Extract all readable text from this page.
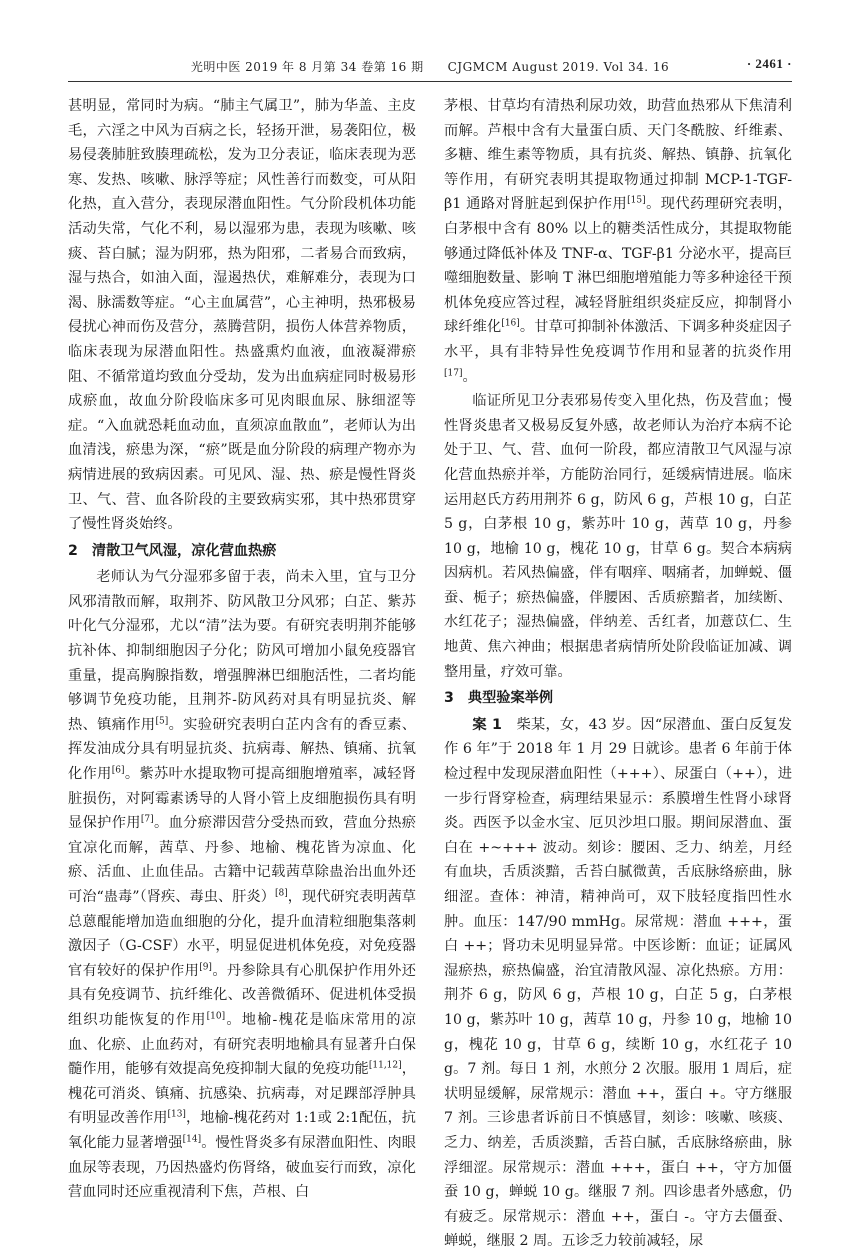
光明中医 2019 年 8 月第 34 卷第 16 期 CJGMCM August 2019. Vol 34. 16	· 2461 ·

甚明显，常同时为病。“肺主气属卫”，肺为华盖、主皮毛，六淫之中风为百病之长，轻扬开泄，易袭阳位，极易侵袭肺脏致腠理疏松，发为卫分表证，临床表现为恶寒、发热、咳嗽、脉浮等症；风性善行而数变，可从阳化热，直入营分，表现尿潜血阳性。气分阶段机体功能活动失常，气化不利，易以湿邪为患，表现为咳嗽、咳痰、苔白腻；湿为阴邪，热为阳邪，二者易合而致病，湿与热合，如油入面，湿遏热伏，难解难分，表现为口渴、脉濡数等症。“心主血属营”，心主神明，热邪极易侵扰心神而伤及营分，蒸腾营阴，损伤人体营养物质，临床表现为尿潜血阳性。热盛熏灼血液，血液凝滞瘀阻、不循常道均致血分受劫，发为出血病症同时极易形成瘀血，故血分阶段临床多可见肉眼血尿、脉细涩等症。“入血就恐耗血动血，直须凉血散血”，老师认为出血清浅，瘀患为深，“瘀”既是血分阶段的病理产物亦为病情进展的致病因素。可见风、湿、热、瘀是慢性肾炎卫、气、营、血各阶段的主要致病实邪，其中热邪贯穿了慢性肾炎始终。

2 清散卫气风湿，凉化营血热瘀

老师认为气分湿邪多留于表，尚未入里，宜与卫分风邪清散而解，取荆芥、防风散卫分风邪；白芷、紫苏叶化气分湿邪，尤以“清”法为要。有研究表明荆芥能够抗补体、抑制细胞因子分化；防风可增加小鼠免疫器官重量，提高胸腺指数，增强脾淋巴细胞活性，二者均能够调节免疫功能，且荆芥-防风药对具有明显抗炎、解热、镇痛作用[5]。实验研究表明白芷内含有的香豆素、挥发油成分具有明显抗炎、抗病毒、解热、镇痛、抗氧化作用[6]。紫苏叶水提取物可提高细胞增殖率，减轻肾脏损伤，对阿霉素诱导的人肾小管上皮细胞损伤具有明显保护作用[7]。血分瘀滞因营分受热而致，营血分热瘀宜凉化而解，茜草、丹参、地榆、槐花皆为凉血、化瘀、活血、止血佳品。古籍中记载茜草除蛊治出血外还可治“蛊毒”（肾疾、毒虫、肝炎）[8]，现代研究表明茜草总蒽醌能增加造血细胞的分化，提升血清粒细胞集落刺激因子（G-CSF）水平，明显促进机体免疫，对免疫器官有较好的保护作用[9]。丹参除具有心肌保护作用外还具有免疫调节、抗纤维化、改善微循环、促进机体受损组织功能恢复的作用[10]。地榆-槐花是临床常用的凉血、化瘀、止血药对，有研究表明地榆具有显著升白保髓作用，能够有效提高免疫抑制大鼠的免疫功能[11,12]，槐花可消炎、镇痛、抗感染、抗病毒，对足踝部浮肿具有明显改善作用[13]，地榆-槐花药对 1:1或 2:1配伍，抗氧化能力显著增强[14]。慢性肾炎多有尿潜血阳性、肉眼血尿等表现，乃因热盛灼伤肾络，破血妄行而致，凉化营血同时还应重视清利下焦，芦根、白

茅根、甘草均有清热利尿功效，助营血热邪从下焦清利而解。芦根中含有大量蛋白质、天门冬酰胺、纤维素、多糖、维生素等物质，具有抗炎、解热、镇静、抗氧化等作用，有研究表明其提取物通过抑制 MCP-1-TGF-β1 通路对肾脏起到保护作用[15]。现代药理研究表明，白茅根中含有 80% 以上的糖类活性成分，其提取物能够通过降低补体及 TNF-α、TGF-β1 分泌水平，提高巨噬细胞数量、影响 T 淋巴细胞增殖能力等多种途径干预机体免疫应答过程，减轻肾脏组织炎症反应，抑制肾小球纤维化[16]。甘草可抑制补体激活、下调多种炎症因子水平，具有非特异性免疫调节作用和显著的抗炎作用[17]。

临证所见卫分表邪易传变入里化热，伤及营血；慢性肾炎患者又极易反复外感，故老师认为治疗本病不论处于卫、气、营、血何一阶段，都应清散卫气风湿与凉化营血热瘀并举，方能防治同行，延缓病情进展。临床运用赵氏方药用荆芥 6 g，防风 6 g，芦根 10 g，白芷 5 g，白茅根 10 g，紫苏叶 10 g，茜草 10 g，丹参 10 g，地榆 10 g，槐花 10 g，甘草 6 g。契合本病病因病机。若风热偏盛，伴有咽痒、咽痛者，加蝉蜕、僵蚕、栀子；瘀热偏盛，伴腰困、舌质瘀黯者，加续断、水红花子；湿热偏盛，伴纳差、舌红者，加薏苡仁、生地黄、焦六神曲；根据患者病情所处阶段临证加减、调整用量，疗效可靠。

3 典型验案举例

案 1　 柴某，女，43 岁。因“尿潜血、蛋白反复发作 6 年”于 2018 年 1 月 29 日就诊。患者 6 年前于体检过程中发现尿潜血阳性（+++）、尿蛋白（++），进一步行肾穿检查，病理结果显示：系膜增生性肾小球肾炎。西医予以金水宝、厄贝沙坦口服。期间尿潜血、蛋白在 +~+++ 波动。刻诊：腰困、乏力、纳差，月经有血块，舌质淡黯，舌苔白腻微黄，舌底脉络瘀曲，脉细涩。查体：神清，精神尚可，双下肢轻度指凹性水肿。血压：147/90 mmHg。尿常规：潜血 +++，蛋白 ++；肾功未见明显异常。中医诊断：血证；证属风湿瘀热，瘀热偏盛，治宜清散风湿、凉化热瘀。方用：荆芥 6 g，防风 6 g，芦根 10 g，白芷 5 g，白茅根 10 g，紫苏叶 10 g，茜草 10 g，丹参 10 g，地榆 10 g，槐花 10 g，甘草 6 g，续断 10 g，水红花子 10 g。7 剂。每日 1 剂，水煎分 2 次服。服用 1 周后，症状明显缓解，尿常规示：潜血 ++，蛋白 +。守方继服 7 剂。三诊患者诉前日不慎感冒，刻诊：咳嗽、咳痰、乏力、纳差，舌质淡黯，舌苔白腻，舌底脉络瘀曲，脉浮细涩。尿常规示：潜血 +++，蛋白 ++，守方加僵蚕 10 g，蝉蜕 10 g。继服 7 剂。四诊患者外感愈，仍有疲乏。尿常规示：潜血 ++，蛋白 -。守方去僵蚕、蝉蜕，继服 2 周。五诊乏力较前减轻，尿
